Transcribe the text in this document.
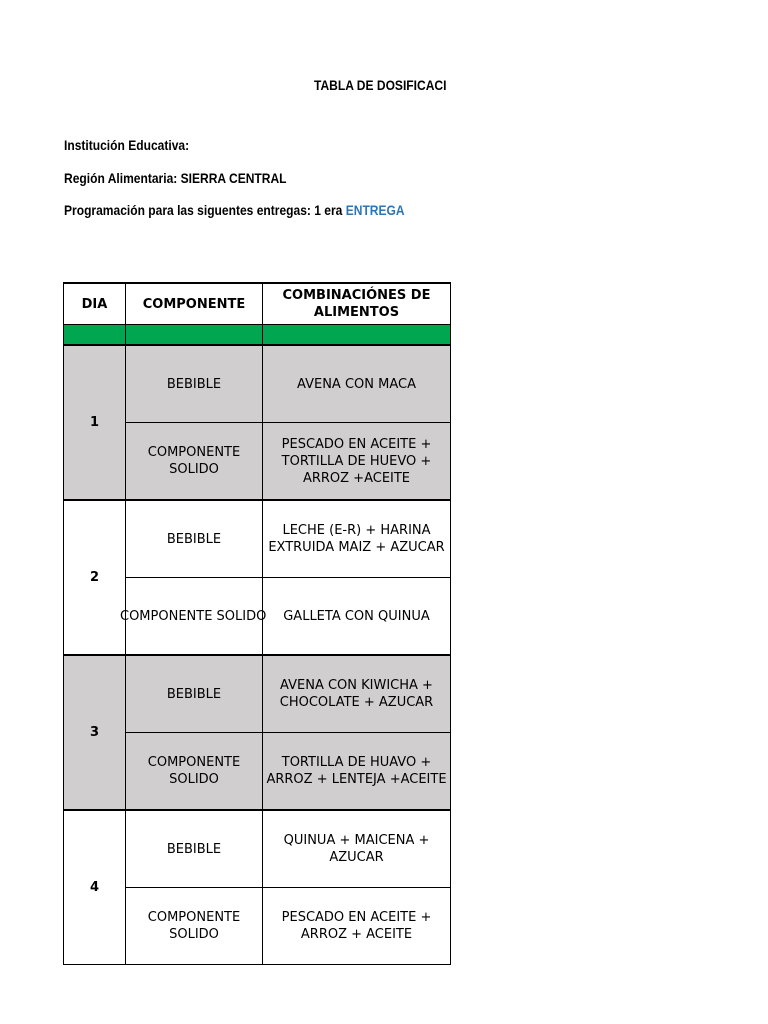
TABLA DE DOSIFICACI
Institución Educativa:
Región Alimentaria: SIERRA CENTRAL
Programación para las siguentes entregas: 1 era ENTREGA
DIA	COMPONENTE	COMBINACIÓNES DE ALIMENTOS

1	BEBIBLE	AVENA CON MACA
	COMPONENTE SOLIDO	PESCADO EN ACEITE + TORTILLA DE HUEVO + ARROZ +ACEITE
2	BEBIBLE	LECHE (E-R) + HARINA EXTRUIDA MAIZ + AZUCAR
	COMPONENTE SOLIDO	GALLETA CON QUINUA
3	BEBIBLE	AVENA CON KIWICHA + CHOCOLATE + AZUCAR
	COMPONENTE SOLIDO	TORTILLA DE HUAVO + ARROZ + LENTEJA +ACEITE
4	BEBIBLE	QUINUA + MAICENA + AZUCAR
	COMPONENTE SOLIDO	PESCADO EN ACEITE + ARROZ + ACEITE
